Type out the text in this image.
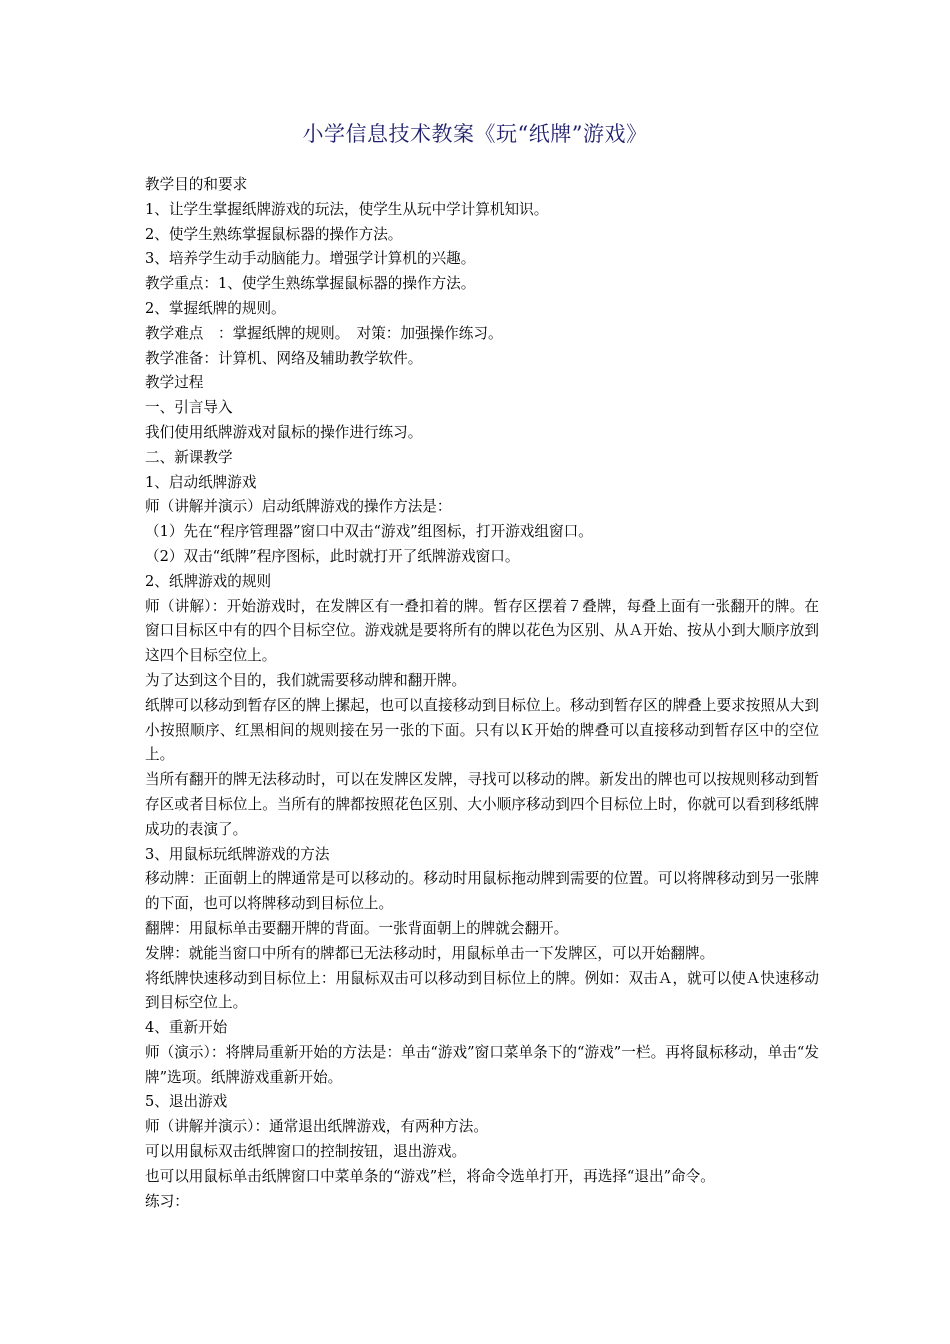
小学信息技术教案《玩“纸牌”游戏》
教学目的和要求
1、让学生掌握纸牌游戏的玩法，使学生从玩中学计算机知识。
2、使学生熟练掌握鼠标器的操作方法。
3、培养学生动手动脑能力。增强学计算机的兴趣。
教学重点：1、使学生熟练掌握鼠标器的操作方法。
2、掌握纸牌的规则。
教学难点　：掌握纸牌的规则。　对策：加强操作练习。
教学准备：计算机、网络及辅助教学软件。
教学过程
一、引言导入
我们使用纸牌游戏对鼠标的操作进行练习。
二、新课教学
1、启动纸牌游戏
师（讲解并演示）启动纸牌游戏的操作方法是：
（1）先在“程序管理器”窗口中双击“游戏”组图标，打开游戏组窗口。
（2）双击“纸牌”程序图标，此时就打开了纸牌游戏窗口。
2、纸牌游戏的规则
师（讲解）：开始游戏时，在发牌区有一叠扣着的牌。暂存区摆着７叠牌，每叠上面有一张翻开的牌。在窗口目标区中有的四个目标空位。游戏就是要将所有的牌以花色为区别、从Ａ开始、按从小到大顺序放到这四个目标空位上。
为了达到这个目的，我们就需要移动牌和翻开牌。
纸牌可以移动到暂存区的牌上摞起，也可以直接移动到目标位上。移动到暂存区的牌叠上要求按照从大到小按照顺序、红黑相间的规则接在另一张的下面。只有以Ｋ开始的牌叠可以直接移动到暂存区中的空位上。
当所有翻开的牌无法移动时，可以在发牌区发牌，寻找可以移动的牌。新发出的牌也可以按规则移动到暂存区或者目标位上。当所有的牌都按照花色区别、大小顺序移动到四个目标位上时，你就可以看到移纸牌成功的表演了。
3、用鼠标玩纸牌游戏的方法
移动牌：正面朝上的牌通常是可以移动的。移动时用鼠标拖动牌到需要的位置。可以将牌移动到另一张牌的下面，也可以将牌移动到目标位上。
翻牌：用鼠标单击要翻开牌的背面。一张背面朝上的牌就会翻开。
发牌：就能当窗口中所有的牌都已无法移动时，用鼠标单击一下发牌区，可以开始翻牌。
将纸牌快速移动到目标位上：用鼠标双击可以移动到目标位上的牌。例如：双击Ａ，就可以使Ａ快速移动到目标空位上。
4、重新开始
师（演示）：将牌局重新开始的方法是：单击“游戏”窗口菜单条下的“游戏”一栏。再将鼠标移动，单击“发牌”选项。纸牌游戏重新开始。
5、退出游戏
师（讲解并演示）：通常退出纸牌游戏，有两种方法。
可以用鼠标双击纸牌窗口的控制按钮，退出游戏。
也可以用鼠标单击纸牌窗口中菜单条的“游戏”栏，将命令选单打开，再选择“退出”命令。
练习：
